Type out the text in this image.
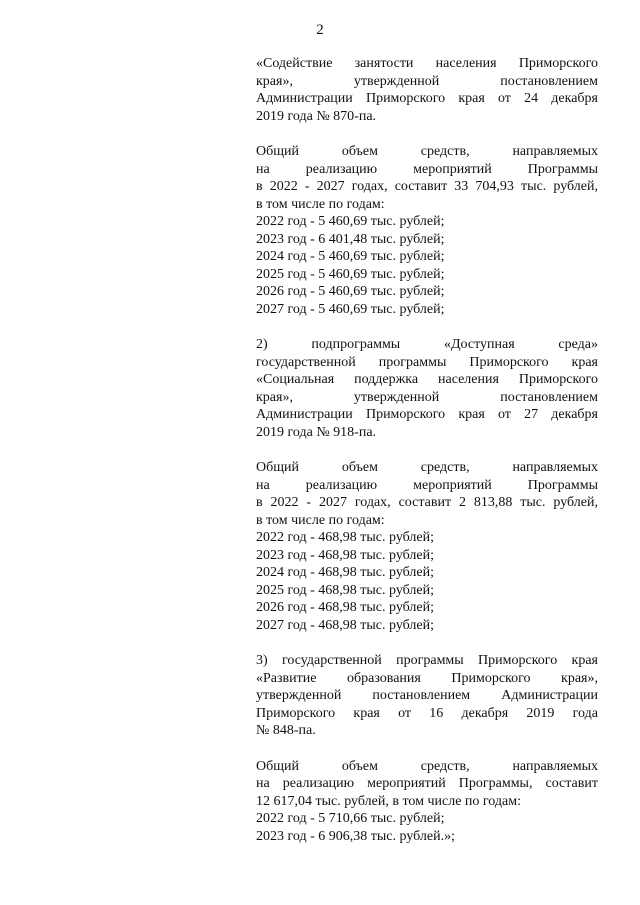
2
«Содействие занятости населения Приморского
края», утвержденной постановлением
Администрации Приморского края от 24 декабря
2019 года № 870-па.
Общий объем средств, направляемых
на реализацию мероприятий Программы
в 2022 - 2027 годах, составит 33 704,93 тыс. рублей,
в том числе по годам:
2022 год - 5 460,69 тыс. рублей;
2023 год - 6 401,48 тыс. рублей;
2024 год - 5 460,69 тыс. рублей;
2025 год - 5 460,69 тыс. рублей;
2026 год - 5 460,69 тыс. рублей;
2027 год - 5 460,69 тыс. рублей;
2) подпрограммы «Доступная среда»
государственной программы Приморского края
«Социальная поддержка населения Приморского
края», утвержденной постановлением
Администрации Приморского края от 27 декабря
2019 года № 918-па.
Общий объем средств, направляемых
на реализацию мероприятий Программы
в 2022 - 2027 годах, составит 2 813,88 тыс. рублей,
в том числе по годам:
2022 год - 468,98 тыс. рублей;
2023 год - 468,98 тыс. рублей;
2024 год - 468,98 тыс. рублей;
2025 год - 468,98 тыс. рублей;
2026 год - 468,98 тыс. рублей;
2027 год - 468,98 тыс. рублей;
3) государственной программы Приморского края
«Развитие образования Приморского края»,
утвержденной постановлением Администрации
Приморского края от 16 декабря 2019 года
№ 848-па.
Общий объем средств, направляемых
на реализацию мероприятий Программы, составит
12 617,04 тыс. рублей, в том числе по годам:
2022 год - 5 710,66 тыс. рублей;
2023 год - 6 906,38 тыс. рублей.»;
